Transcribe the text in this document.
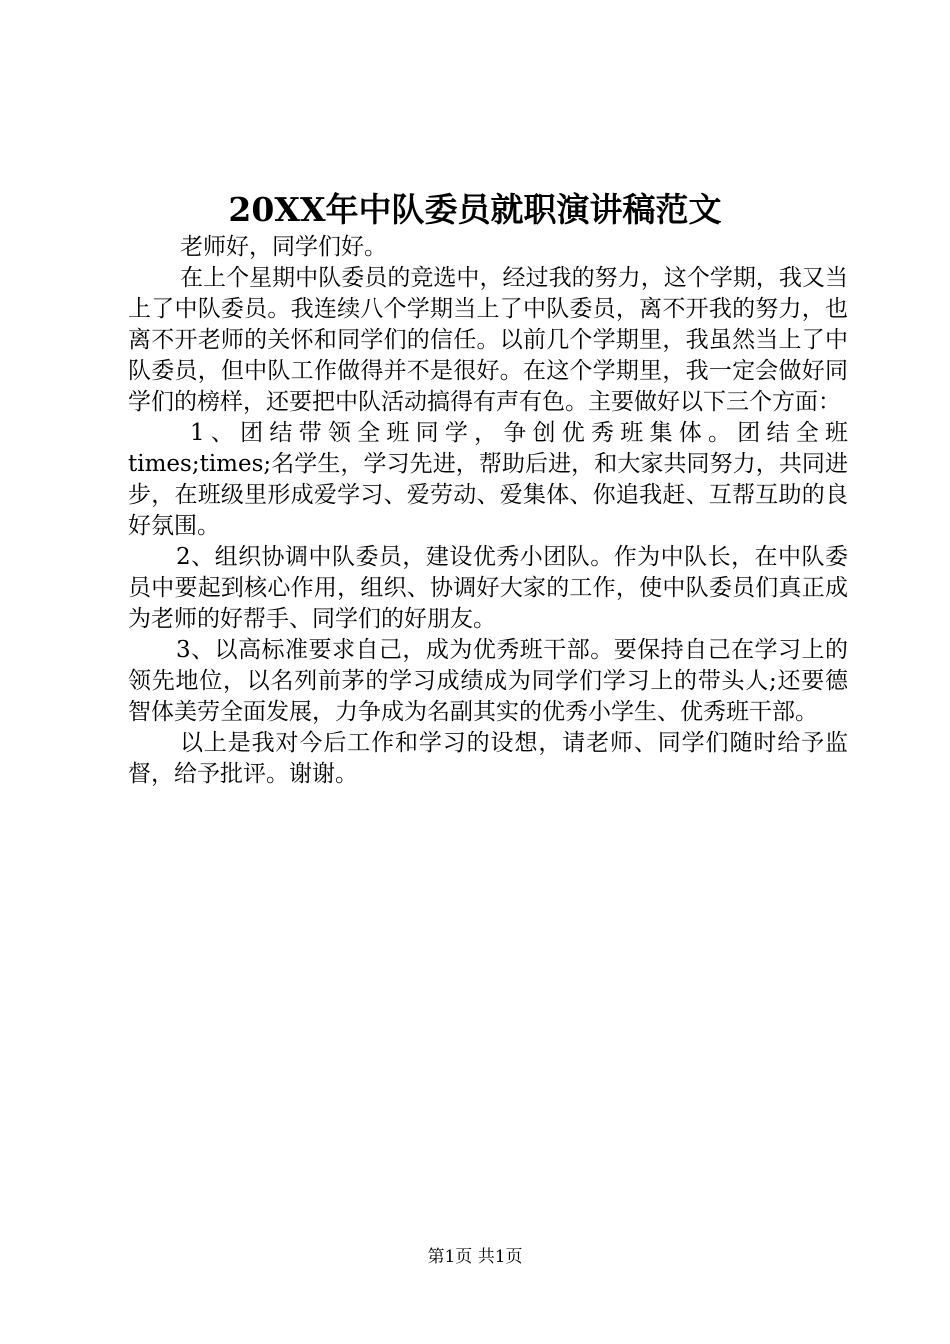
20XX年中队委员就职演讲稿范文

老师好，同学们好。

在上个星期中队委员的竞选中，经过我的努力，这个学期，我又当上了中队委员。我连续八个学期当上了中队委员，离不开我的努力，也离不开老师的关怀和同学们的信任。以前几个学期里，我虽然当上了中队委员，但中队工作做得并不是很好。在这个学期里，我一定会做好同学们的榜样，还要把中队活动搞得有声有色。主要做好以下三个方面：

1、团结带领全班同学，争创优秀班集体。团结全班times;times;名学生，学习先进，帮助后进，和大家共同努力，共同进步，在班级里形成爱学习、爱劳动、爱集体、你追我赶、互帮互助的良好氛围。

2、组织协调中队委员，建设优秀小团队。作为中队长，在中队委员中要起到核心作用，组织、协调好大家的工作，使中队委员们真正成为老师的好帮手、同学们的好朋友。

3、以高标准要求自己，成为优秀班干部。要保持自己在学习上的领先地位，以名列前茅的学习成绩成为同学们学习上的带头人;还要德智体美劳全面发展，力争成为名副其实的优秀小学生、优秀班干部。

以上是我对今后工作和学习的设想，请老师、同学们随时给予监督，给予批评。谢谢。

第1页 共1页
